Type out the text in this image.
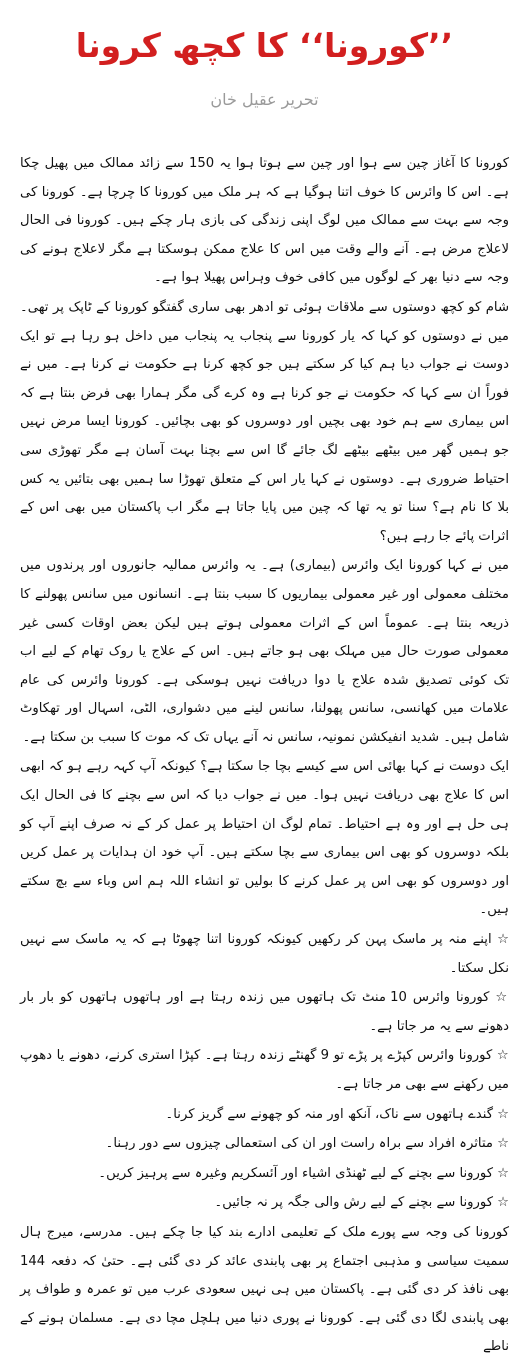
’’کورونا‘‘ کا کچھ کرونا
تحریر عقیل خان

کورونا کا آغاز چین سے ہوا اور چین سے ہوتا ہوا یہ 150 سے زائد ممالک میں پھیل چکا ہے۔ اس کا وائرس کا خوف اتنا ہوگیا ہے کہ ہر ملک میں کورونا کا چرچا ہے۔ کورونا کی وجہ سے بہت سے ممالک میں لوگ اپنی زندگی کی بازی ہار چکے ہیں۔ کورونا فی الحال لاعلاج مرض ہے۔ آنے والے وقت میں اس کا علاج ممکن ہوسکتا ہے مگر لاعلاج ہونے کی وجہ سے دنیا بھر کے لوگوں میں کافی خوف وہراس پھیلا ہوا ہے۔

شام کو کچھ دوستوں سے ملاقات ہوئی تو ادھر بھی ساری گفتگو کورونا کے ٹاپک پر تھی۔ میں نے دوستوں کو کہا کہ یار کورونا سے پنجاب یہ پنجاب میں داخل ہو رہا ہے تو ایک دوست نے جواب دیا ہم کیا کر سکتے ہیں جو کچھ کرنا ہے حکومت نے کرنا ہے۔ میں نے فوراً ان سے کہا کہ حکومت نے جو کرنا ہے وہ کرے گی مگر ہمارا بھی فرض بنتا ہے کہ اس بیماری سے ہم خود بھی بچیں اور دوسروں کو بھی بچائیں۔ کورونا ایسا مرض نہیں جو ہمیں گھر میں بیٹھے بیٹھے لگ جائے گا اس سے بچنا بہت آسان ہے مگر تھوڑی سی احتیاط ضروری ہے۔ دوستوں نے کہا یار اس کے متعلق تھوڑا سا ہمیں بھی بتائیں یہ کس بلا کا نام ہے؟ سنا تو یہ تھا کہ چین میں پایا جاتا ہے مگر اب پاکستان میں بھی اس کے اثرات پائے جا رہے ہیں؟

میں نے کہا کورونا ایک وائرس (بیماری) ہے۔ یہ وائرس ممالیہ جانوروں اور پرندوں میں مختلف معمولی اور غیر معمولی بیماریوں کا سبب بنتا ہے۔ انسانوں میں سانس پھولنے کا ذریعہ بنتا ہے۔ عموماً اس کے اثرات معمولی ہوتے ہیں لیکن بعض اوقات کسی غیر معمولی صورت حال میں مہلک بھی ہو جاتے ہیں۔ اس کے علاج یا روک تھام کے لیے اب تک کوئی تصدیق شدہ علاج یا دوا دریافت نہیں ہوسکی ہے۔ کورونا وائرس کی عام علامات میں کھانسی، سانس پھولنا، سانس لینے میں دشواری، الٹی، اسہال اور تھکاوٹ شامل ہیں۔ شدید انفیکشن نمونیہ، سانس نہ آنے یہاں تک کہ موت کا سبب بن سکتا ہے۔

ایک دوست نے کہا بھائی اس سے کیسے بچا جا سکتا ہے؟ کیونکہ آپ کہہ رہے ہو کہ ابھی اس کا علاج بھی دریافت نہیں ہوا۔ میں نے جواب دیا کہ اس سے بچنے کا فی الحال ایک ہی حل ہے اور وہ ہے احتیاط۔ تمام لوگ ان احتیاط پر عمل کر کے نہ صرف اپنے آپ کو بلکہ دوسروں کو بھی اس بیماری سے بچا سکتے ہیں۔ آپ خود ان ہدایات پر عمل کریں اور دوسروں کو بھی اس پر عمل کرنے کا بولیں تو انشاء اللہ ہم اس وباء سے بچ سکتے ہیں۔

☆ اپنے منہ پر ماسک پہن کر رکھیں کیونکہ کورونا اتنا چھوٹا ہے کہ یہ ماسک سے نہیں نکل سکتا۔

☆ کورونا وائرس 10 منٹ تک ہاتھوں میں زندہ رہتا ہے اور ہاتھوں ہاتھوں کو بار بار دھونے سے یہ مر جاتا ہے۔

☆ کورونا وائرس کپڑے پر پڑے تو 9 گھنٹے زندہ رہتا ہے۔ کپڑا استری کرنے، دھونے یا دھوپ میں رکھنے سے بھی مر جاتا ہے۔

☆ گندے ہاتھوں سے ناک، آنکھ اور منہ کو چھونے سے گریز کرنا۔

☆ متاثرہ افراد سے براہ راست اور ان کی استعمالی چیزوں سے دور رہنا۔

☆ کورونا سے بچنے کے لیے ٹھنڈی اشیاء اور آئسکریم وغیرہ سے پرہیز کریں۔

☆ کورونا سے بچنے کے لیے رش والی جگہ پر نہ جائیں۔

کورونا کی وجہ سے پورے ملک کے تعلیمی ادارے بند کیا جا چکے ہیں۔ مدرسے، میرج ہال سمیت سیاسی و مذہبی اجتماع پر بھی پابندی عائد کر دی گئی ہے۔ حتیٰ کہ دفعہ 144 بھی نافذ کر دی گئی ہے۔ پاکستان میں ہی نہیں سعودی عرب میں تو عمرہ و طواف پر بھی پابندی لگا دی گئی ہے۔ کورونا نے پوری دنیا میں ہلچل مچا دی ہے۔ مسلمان ہونے کے ناطے
